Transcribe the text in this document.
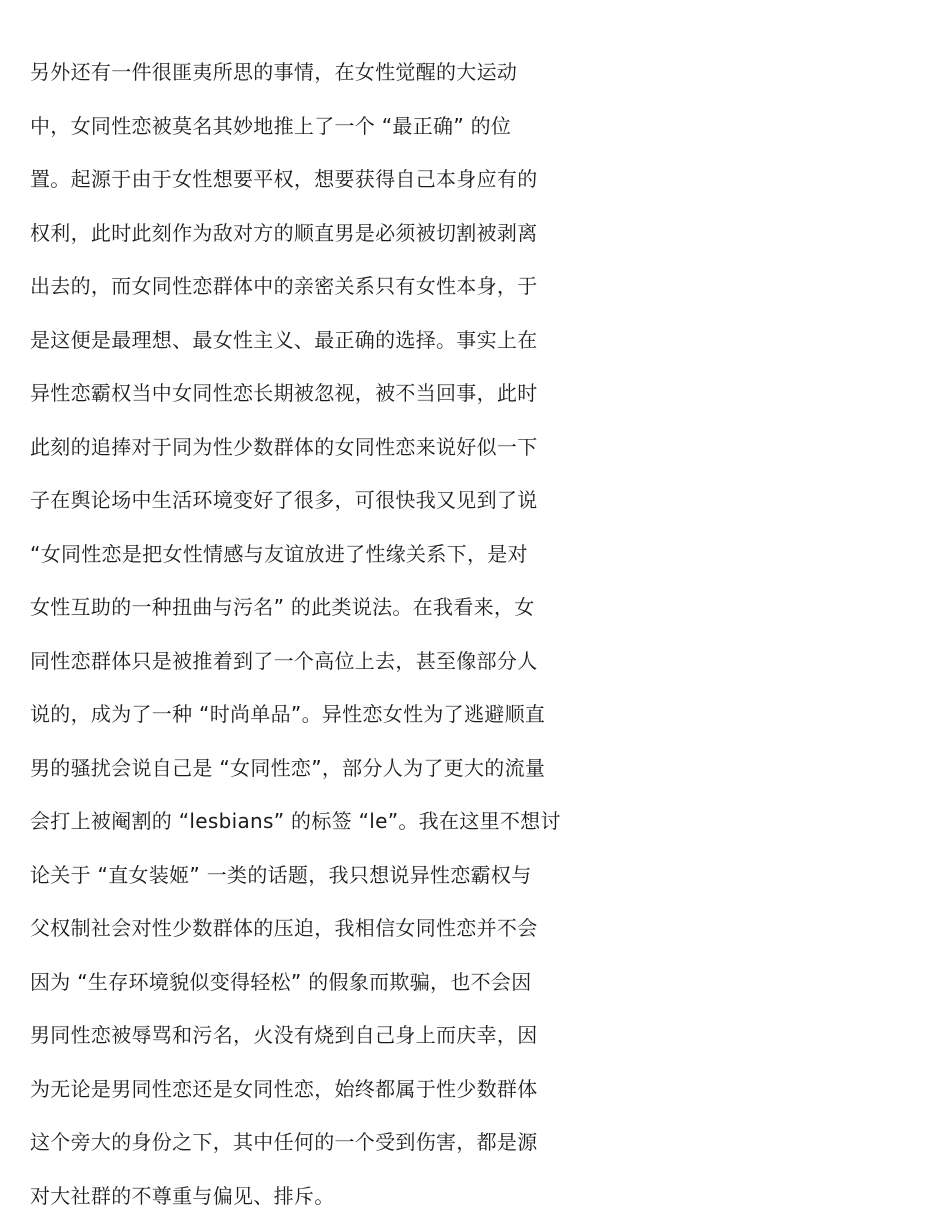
另外还有一件很匪夷所思的事情，在女性觉醒的大运动
中，女同性恋被莫名其妙地推上了一个 “最正确” 的位
置。起源于由于女性想要平权，想要获得自己本身应有的
权利，此时此刻作为敌对方的顺直男是必须被切割被剥离
出去的，而女同性恋群体中的亲密关系只有女性本身，于
是这便是最理想、最女性主义、最正确的选择。事实上在
异性恋霸权当中女同性恋长期被忽视，被不当回事，此时
此刻的追捧对于同为性少数群体的女同性恋来说好似一下
子在舆论场中生活环境变好了很多，可很快我又见到了说
“女同性恋是把女性情感与友谊放进了性缘关系下，是对
女性互助的一种扭曲与污名” 的此类说法。在我看来，女
同性恋群体只是被推着到了一个高位上去，甚至像部分人
说的，成为了一种 “时尚单品”。异性恋女性为了逃避顺直
男的骚扰会说自己是 “女同性恋”，部分人为了更大的流量
会打上被阉割的 “lesbians” 的标签 “le”。我在这里不想讨
论关于 “直女装姬” 一类的话题，我只想说异性恋霸权与
父权制社会对性少数群体的压迫，我相信女同性恋并不会
因为 “生存环境貌似变得轻松” 的假象而欺骗，也不会因
男同性恋被辱骂和污名，火没有烧到自己身上而庆幸，因
为无论是男同性恋还是女同性恋，始终都属于性少数群体
这个旁大的身份之下，其中任何的一个受到伤害，都是源
对大社群的不尊重与偏见、排斥。
